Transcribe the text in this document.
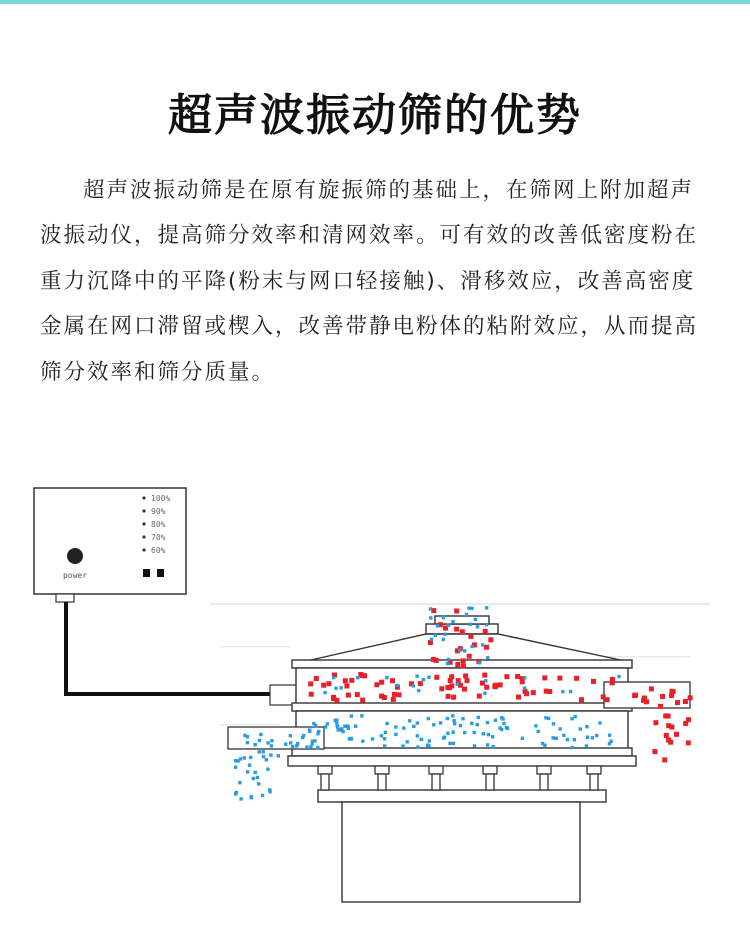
超声波振动筛的优势

超声波振动筛是在原有旋振筛的基础上，在筛网上附加超声波振动仪，提高筛分效率和清网效率。可有效的改善低密度粉在重力沉降中的平降(粉末与网口轻接触)、滑移效应，改善高密度金属在网口滞留或楔入，改善带静电粉体的粘附效应，从而提高筛分效率和筛分质量。

power
100%
90%
80%
70%
60%
